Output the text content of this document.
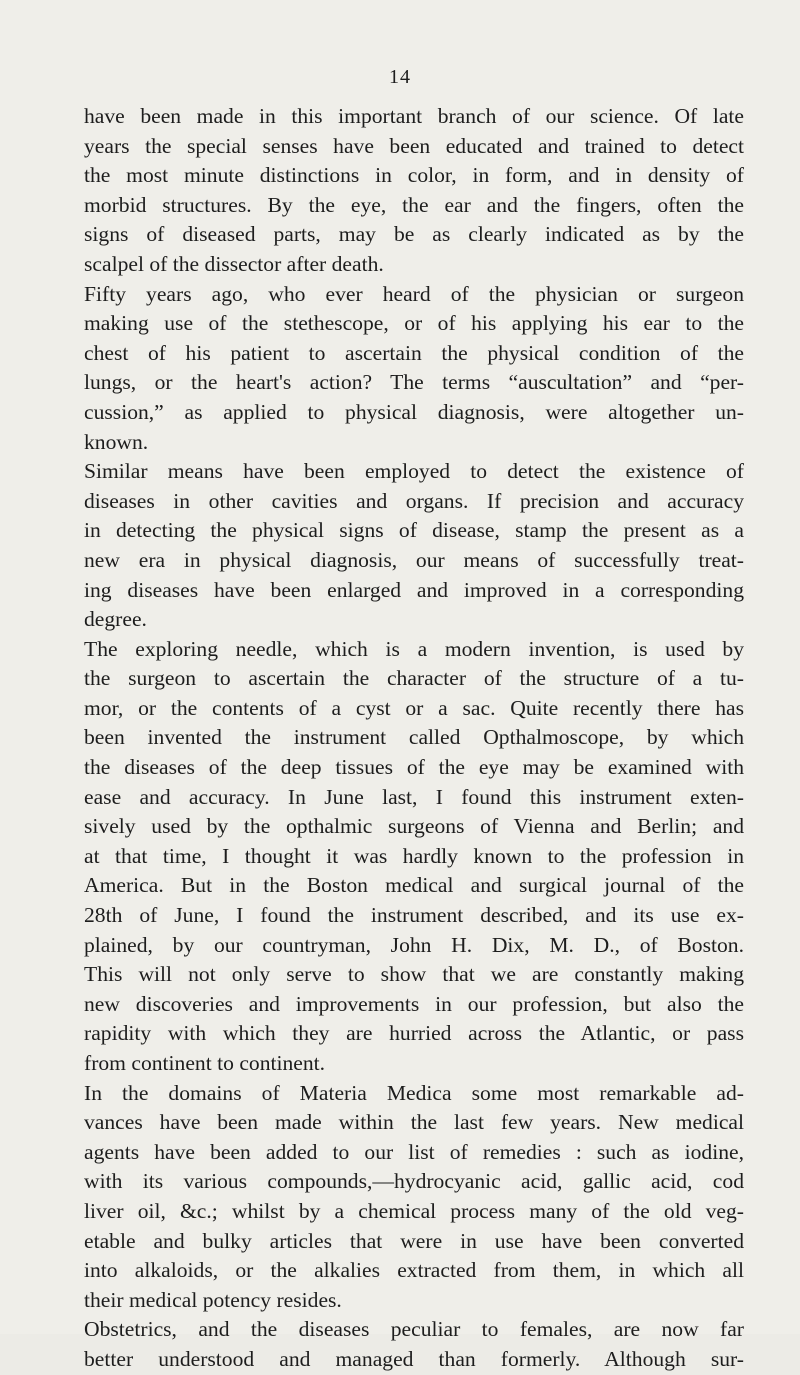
14
have been made in this important branch of our science. Of late
years the special senses have been educated and trained to detect
the most minute distinctions in color, in form, and in density of
morbid structures. By the eye, the ear and the fingers, often the
signs of diseased parts, may be as clearly indicated as by the
scalpel of the dissector after death.
Fifty years ago, who ever heard of the physician or surgeon
making use of the stethescope, or of his applying his ear to the
chest of his patient to ascertain the physical condition of the
lungs, or the heart's action? The terms “auscultation” and “per-
cussion,” as applied to physical diagnosis, were altogether un-
known.
Similar means have been employed to detect the existence of
diseases in other cavities and organs. If precision and accuracy
in detecting the physical signs of disease, stamp the present as a
new era in physical diagnosis, our means of successfully treat-
ing diseases have been enlarged and improved in a corresponding
degree.
The exploring needle, which is a modern invention, is used by
the surgeon to ascertain the character of the structure of a tu-
mor, or the contents of a cyst or a sac. Quite recently there has
been invented the instrument called Opthalmoscope, by which
the diseases of the deep tissues of the eye may be examined with
ease and accuracy. In June last, I found this instrument exten-
sively used by the opthalmic surgeons of Vienna and Berlin; and
at that time, I thought it was hardly known to the profession in
America. But in the Boston medical and surgical journal of the
28th of June, I found the instrument described, and its use ex-
plained, by our countryman, John H. Dix, M. D., of Boston.
This will not only serve to show that we are constantly making
new discoveries and improvements in our profession, but also the
rapidity with which they are hurried across the Atlantic, or pass
from continent to continent.
In the domains of Materia Medica some most remarkable ad-
vances have been made within the last few years. New medical
agents have been added to our list of remedies : such as iodine,
with its various compounds,—hydrocyanic acid, gallic acid, cod
liver oil, &c.; whilst by a chemical process many of the old veg-
etable and bulky articles that were in use have been converted
into alkaloids, or the alkalies extracted from them, in which all
their medical potency resides.
Obstetrics, and the diseases peculiar to females, are now far
better understood and managed than formerly. Although sur-
